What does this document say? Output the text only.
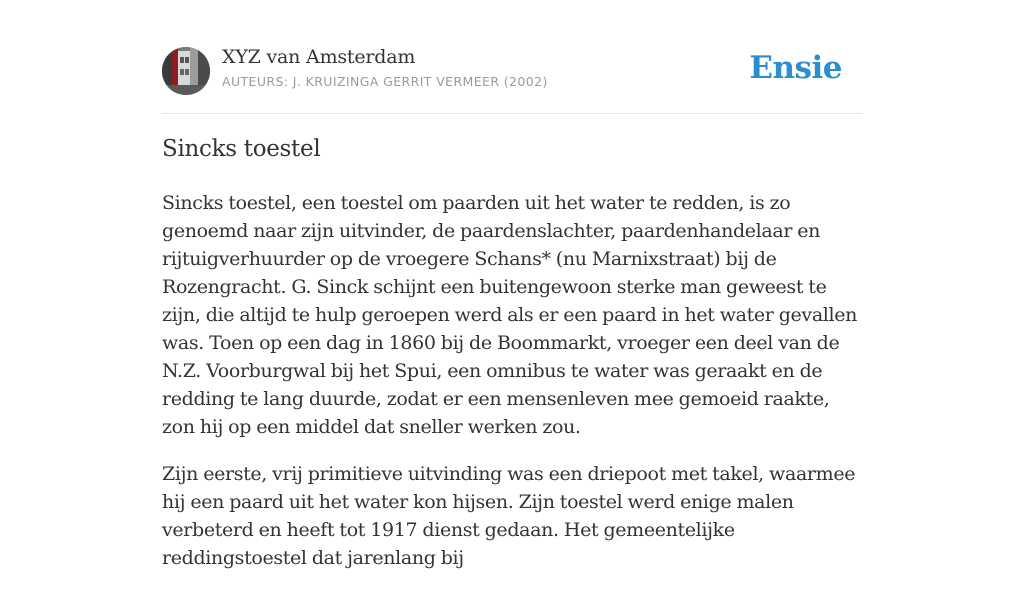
XYZ van Amsterdam
AUTEURS: J. KRUIZINGA GERRIT VERMEER (2002)	Ensie
Sincks toestel

Sincks toestel, een toestel om paarden uit het water te redden, is zo genoemd naar zijn uitvinder, de paardenslachter, paardenhandelaar en rijtuigverhuurder op de vroegere Schans* (nu Marnixstraat) bij de Rozengracht. G. Sinck schijnt een buitengewoon sterke man geweest te zijn, die altijd te hulp geroepen werd als er een paard in het water gevallen was. Toen op een dag in 1860 bij de Boommarkt, vroeger een deel van de N.Z. Voorburgwal bij het Spui, een omnibus te water was geraakt en de redding te lang duurde, zodat er een mensenleven mee gemoeid raakte, zon hij op een middel dat sneller werken zou.

Zijn eerste, vrij primitieve uitvinding was een driepoot met takel, waarmee hij een paard uit het water kon hijsen. Zijn toestel werd enige malen verbeterd en heeft tot 1917 dienst gedaan. Het gemeentelijke reddingstoestel dat jarenlang bij
